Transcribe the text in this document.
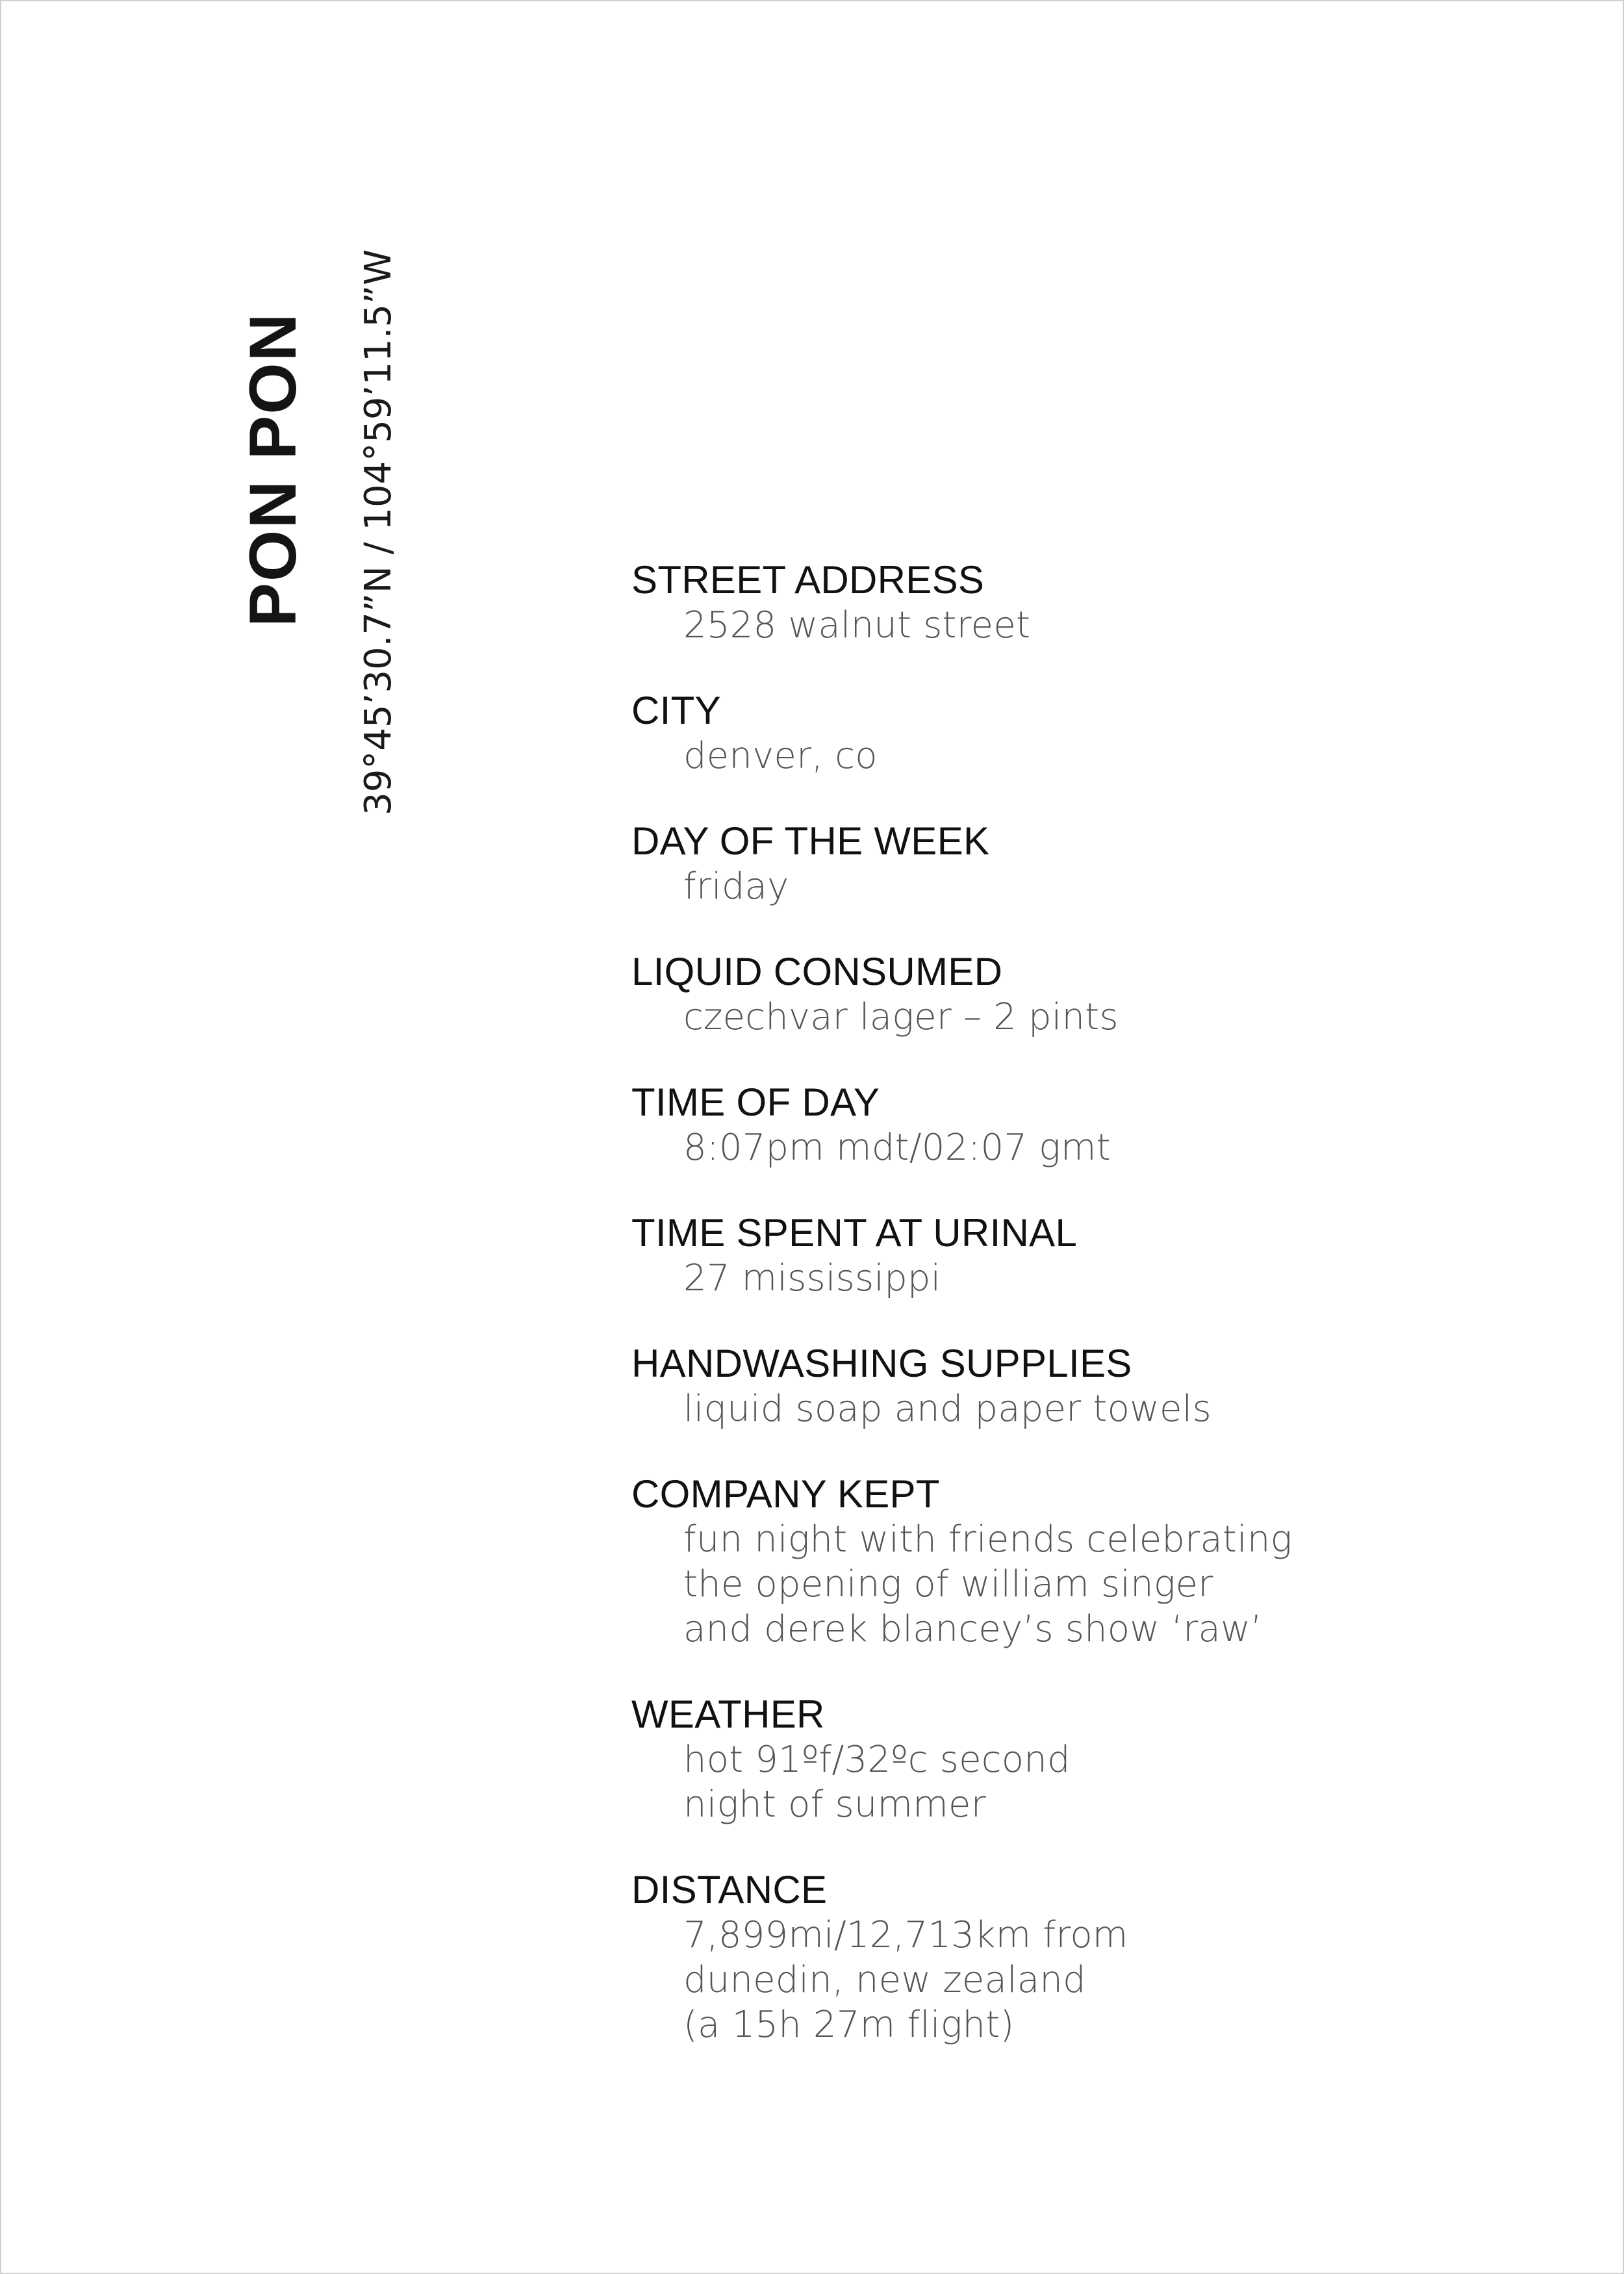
PON PON 39°45’30.7”N / 104°59’11.5”W	STREET ADDRESS
2528 walnut street
CITY
denver, co
DAY OF THE WEEK
friday
LIQUID CONSUMED
czechvar lager – 2 pints
TIME OF DAY
8:07pm mdt/02:07 gmt
TIME SPENT AT URINAL
27 mississippi
HANDWASHING SUPPLIES
liquid soap and paper towels
COMPANY KEPT
fun night with friends celebrating
the opening of william singer
and derek blancey’s show ‘raw’
WEATHER
hot 91ºf/32ºc second
night of summer
DISTANCE
7,899mi/12,713km from
dunedin, new zealand
(a 15h 27m flight)
